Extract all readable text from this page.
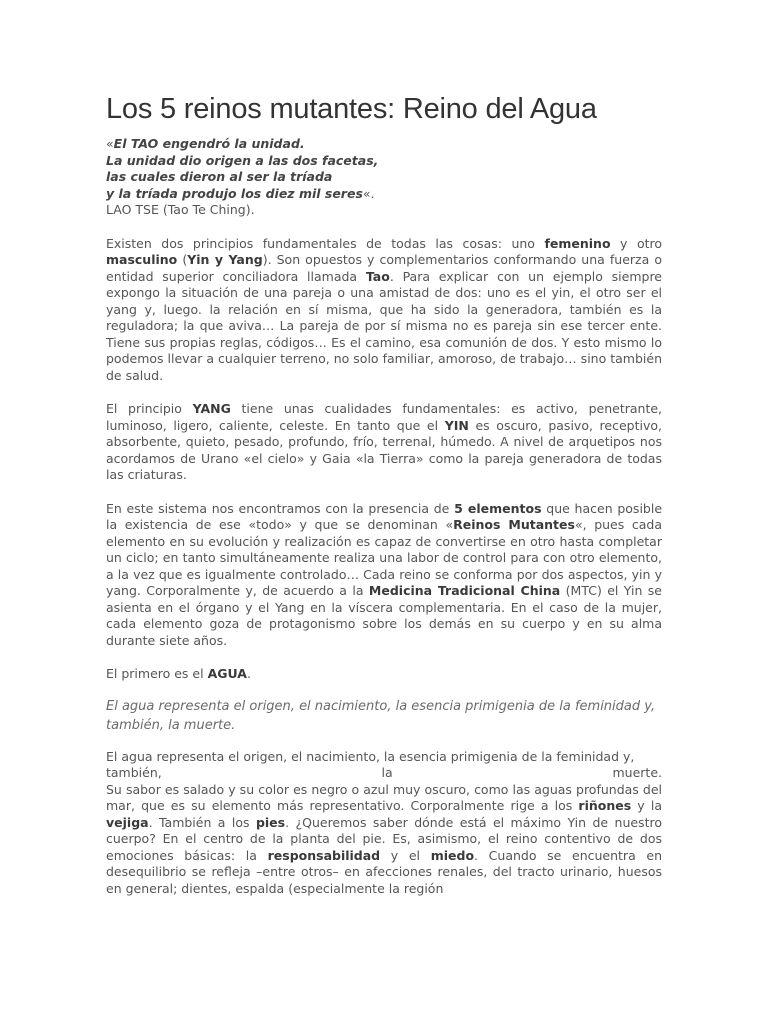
Los 5 reinos mutantes: Reino del Agua
«El TAO engendró la unidad.
La unidad dio origen a las dos facetas,
las cuales dieron al ser la tríada
y la tríada produjo los diez mil seres«.
LAO TSE (Tao Te Ching).

Existen dos principios fundamentales de todas las cosas: uno femenino y otro masculino (Yin y Yang). Son opuestos y complementarios conformando una fuerza o entidad superior conciliadora llamada Tao. Para explicar con un ejemplo siempre expongo la situación de una pareja o una amistad de dos: uno es el yin, el otro ser el yang y, luego. la relación en sí misma, que ha sido la generadora, también es la reguladora; la que aviva… La pareja de por sí misma no es pareja sin ese tercer ente. Tiene sus propias reglas, códigos… Es el camino, esa comunión de dos. Y esto mismo lo podemos llevar a cualquier terreno, no solo familiar, amoroso, de trabajo… sino también de salud.

El principio YANG tiene unas cualidades fundamentales: es activo, penetrante, luminoso, ligero, caliente, celeste. En tanto que el YIN es oscuro, pasivo, receptivo, absorbente, quieto, pesado, profundo, frío, terrenal, húmedo. A nivel de arquetipos nos acordamos de Urano «el cielo» y Gaia «la Tierra» como la pareja generadora de todas las criaturas.

En este sistema nos encontramos con la presencia de 5 elementos que hacen posible la existencia de ese «todo» y que se denominan «Reinos Mutantes«, pues cada elemento en su evolución y realización es capaz de convertirse en otro hasta completar un ciclo; en tanto simultáneamente realiza una labor de control para con otro elemento, a la vez que es igualmente controlado… Cada reino se conforma por dos aspectos, yin y yang. Corporalmente y, de acuerdo a la Medicina Tradicional China (MTC) el Yin se asienta en el órgano y el Yang en la víscera complementaria. En el caso de la mujer, cada elemento goza de protagonismo sobre los demás en su cuerpo y en su alma durante siete años.

El primero es el AGUA.

El agua representa el origen, el nacimiento, la esencia primigenia de la feminidad y, también, la muerte.

El agua representa el origen, el nacimiento, la esencia primigenia de la feminidad y,

también, la muerte.
Su sabor es salado y su color es negro o azul muy oscuro, como las aguas profundas del mar, que es su elemento más representativo. Corporalmente rige a los riñones y la vejiga. También a los pies. ¿Queremos saber dónde está el máximo Yin de nuestro cuerpo? En el centro de la planta del pie. Es, asimismo, el reino contentivo de dos emociones básicas: la responsabilidad y el miedo. Cuando se encuentra en desequilibrio se refleja –entre otros– en afecciones renales, del tracto urinario, huesos en general; dientes, espalda (especialmente la región
